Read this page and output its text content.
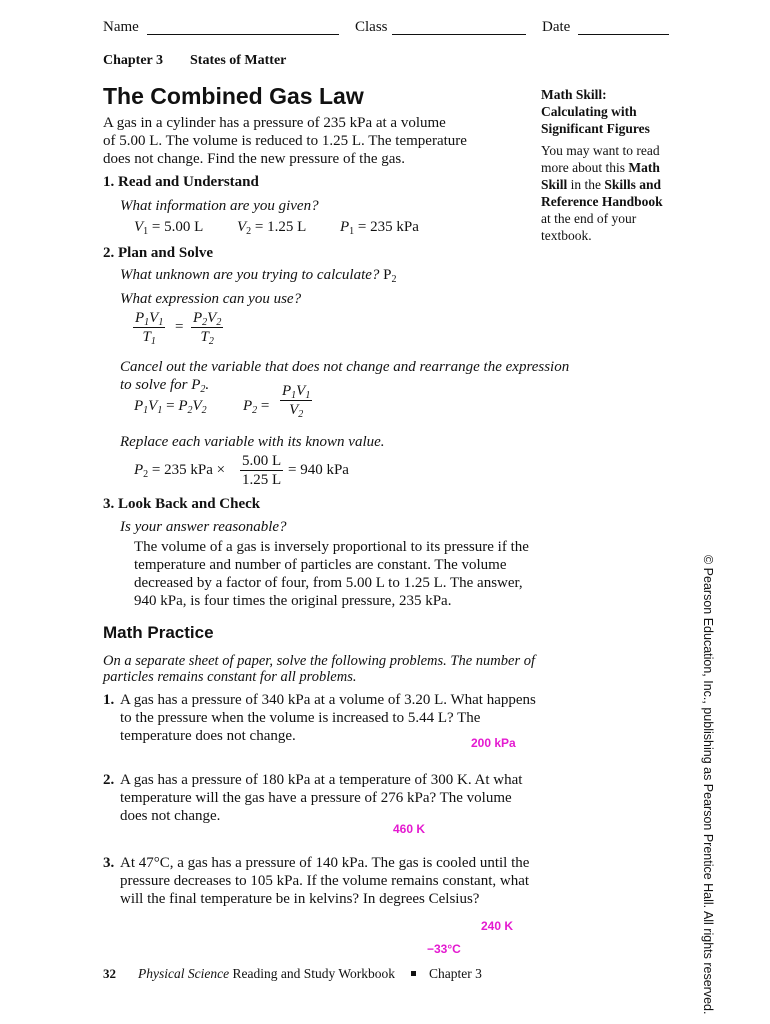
Name	Class	Date
Chapter 3 States of Matter
The Combined Gas Law
A gas in a cylinder has a pressure of 235 kPa at a volume
of 5.00 L. The volume is reduced to 1.25 L. The temperature
does not change. Find the new pressure of the gas.
Math Skill:
Calculating with
Significant Figures
You may want to read
more about this Math
Skill in the Skills and
Reference Handbook
at the end of your
textbook.
1. Read and Understand
What information are you given?
$V_1 = 5.00$ L $V_2 = 1.25$ L $P_1 = 235$ kPa
2. Plan and Solve
What unknown are you trying to calculate? $P_2$
What expression can you use?
$\frac{P_1V_1}{T_1} = \frac{P_2V_2}{T_2}$
Cancel out the variable that does not change and rearrange the expression
to solve for $P_2$.
$P_1V_1 = P_2V_2$ $P_2 = \frac{P_1V_1}{V_2}$
Replace each variable with its known value.
$P_2 = 235$ kPa × $\frac{5.00 L}{1.25 L} = 940$ kPa
3. Look Back and Check
Is your answer reasonable?
The volume of a gas is inversely proportional to its pressure if the
temperature and number of particles are constant. The volume
decreased by a factor of four, from 5.00 L to 1.25 L. The answer,
940 kPa, is four times the original pressure, 235 kPa.
Math Practice
On a separate sheet of paper, solve the following problems. The number of
particles remains constant for all problems.
1. A gas has a pressure of 340 kPa at a volume of 3.20 L. What happens
to the pressure when the volume is increased to 5.44 L? The
temperature does not change.	200 kPa
2. A gas has a pressure of 180 kPa at a temperature of 300 K. At what
temperature will the gas have a pressure of 276 kPa? The volume
does not change.
460 K
3. At 47°C, a gas has a pressure of 140 kPa. The gas is cooled until the
pressure decreases to 105 kPa. If the volume remains constant, what
will the final temperature be in kelvins? In degrees Celsius?
240 K
−33°C
32 Physical Science Reading and Study Workbook	Chapter 3	© Pearson Education, Inc., publishing as Pearson Prentice Hall. All rights reserved.
